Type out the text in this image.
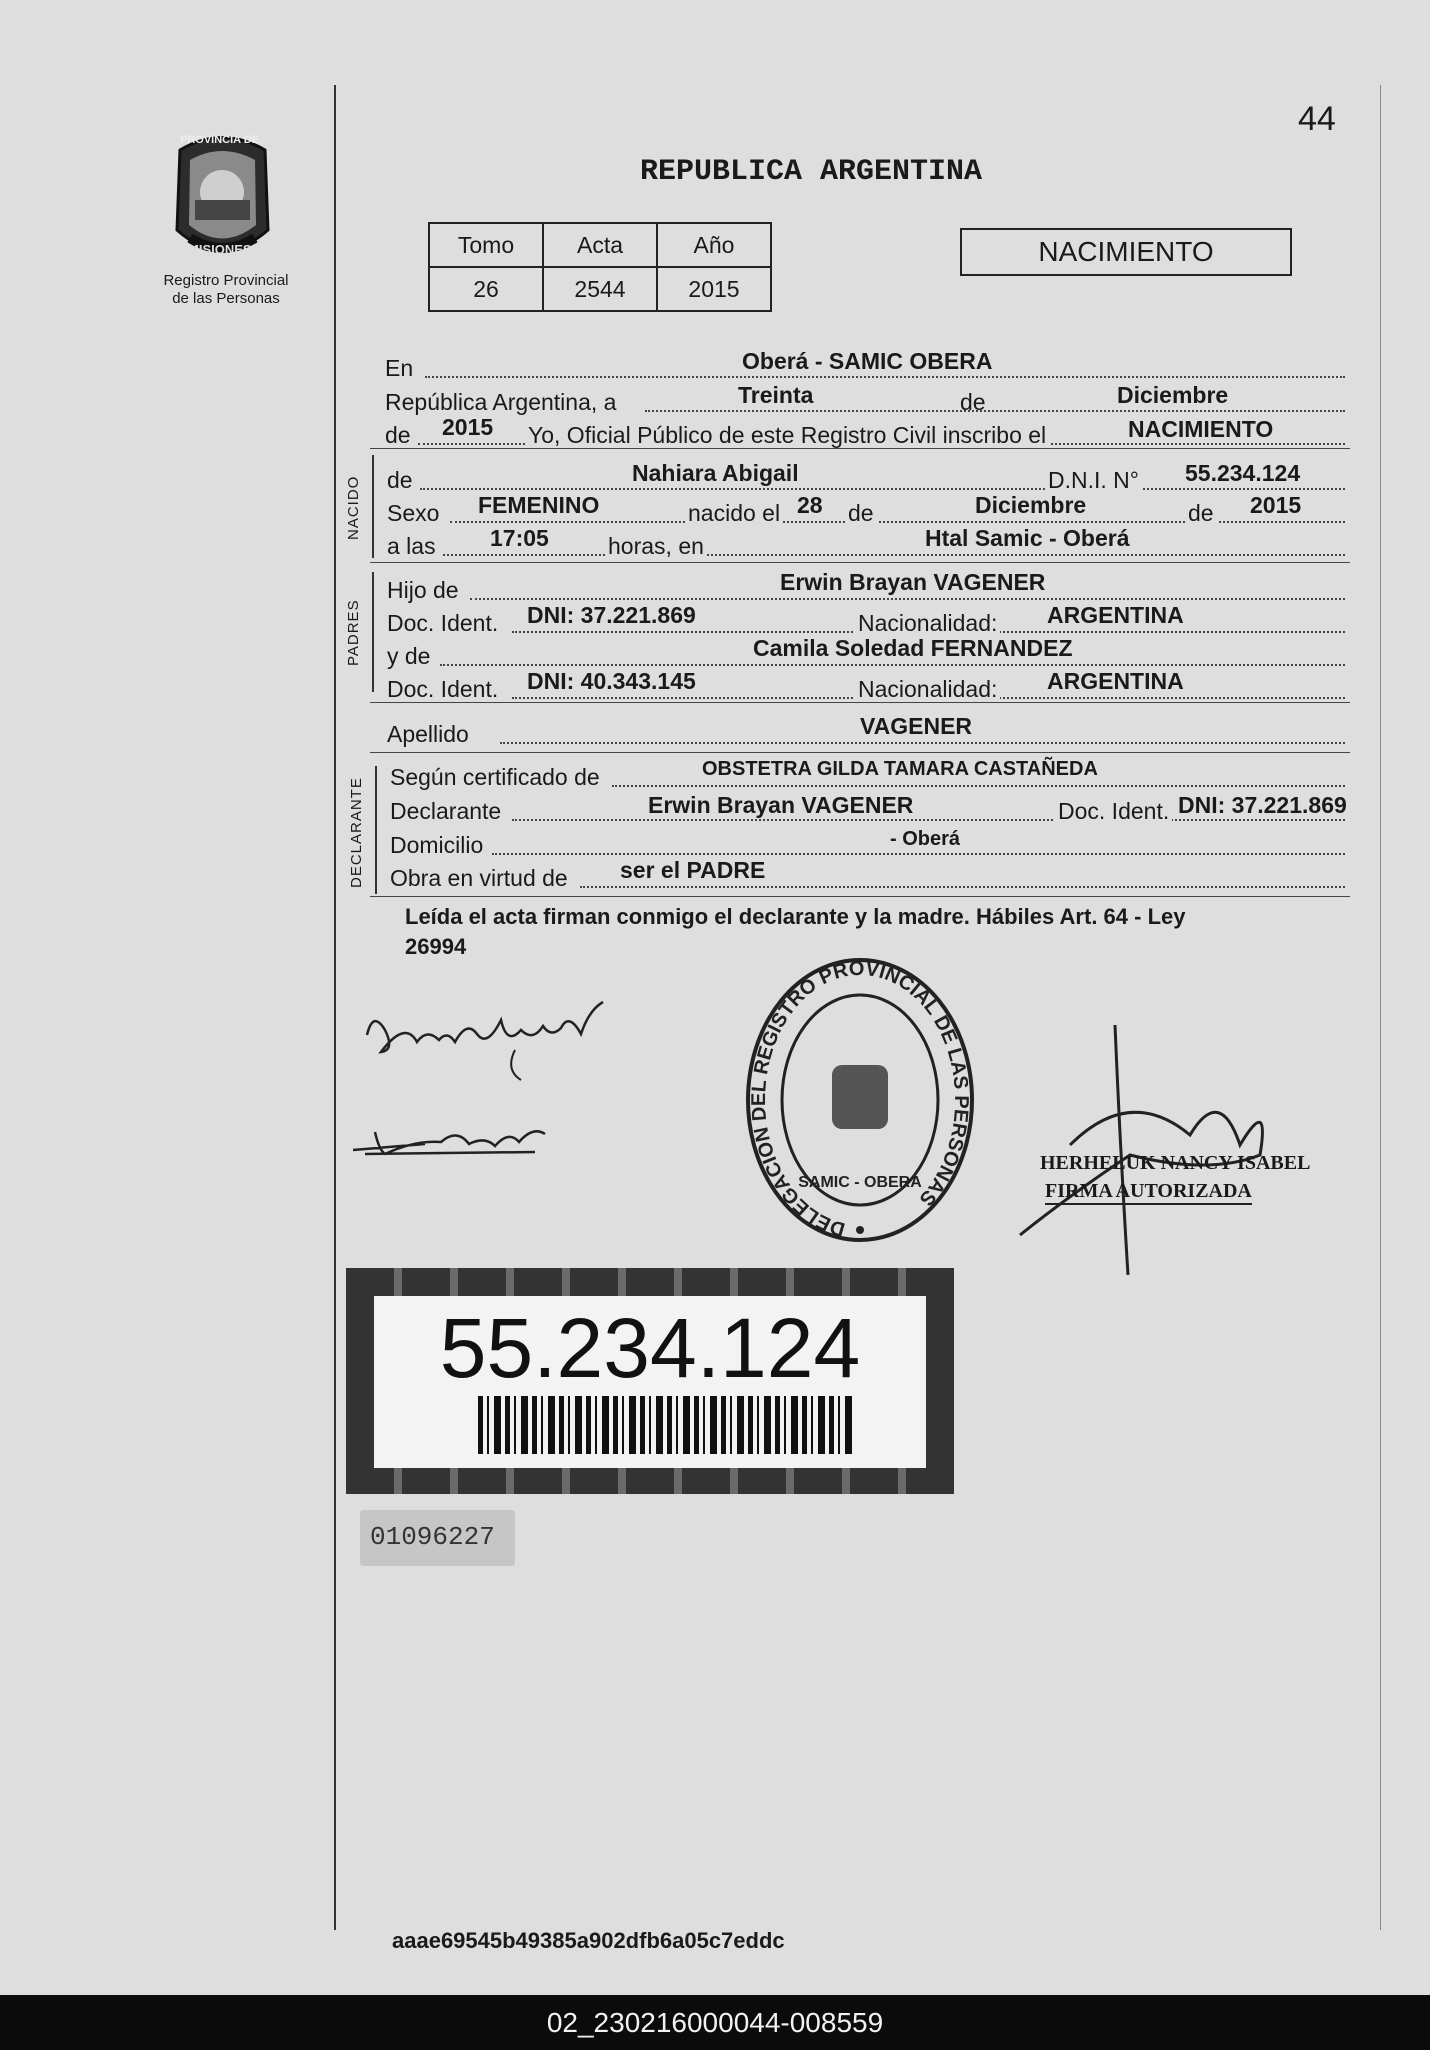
44
PROVINCIA DE
MISIONES
Registro Provincial
de las Personas
REPUBLICA ARGENTINA
Tomo	Acta	Año
26	2544	2015
NACIMIENTO
En	Oberá - SAMIC OBERA
República Argentina, a	Treinta	de	Diciembre
de 2015 Yo, Oficial Público de este Registro Civil inscribo el	NACIMIENTO
NACIDO de	Nahiara Abigail	D.N.I. N° 55.234.124
Sexo FEMENINO	nacido el 28 de	Diciembre	de 2015
a las 17:05	horas, en	Htal Samic - Oberá
PADRES
Hijo de	Erwin Brayan VAGENER
Doc. Ident. DNI: 37.221.869	Nacionalidad: ARGENTINA
y de	Camila Soledad FERNANDEZ
Doc. Ident. DNI: 40.343.145	Nacionalidad: ARGENTINA
Apellido	VAGENER
DECLARANTE
Según certificado de	OBSTETRA GILDA TAMARA CASTAÑEDA
Declarante	Erwin Brayan VAGENER	Doc. Ident. DNI: 37.221.869
Domicilio	- Oberá
Obra en virtud de ser el PADRE
Leída el acta firman conmigo el declarante y la madre. Hábiles Art. 64 - Ley
26994
DELEGACIÓN DEL REGISTRO PROVINCIAL DE LAS PERSONAS
SAMIC - OBERA
HERHELUK NANCY ISABEL
FIRMA AUTORIZADA
55.234.124
01096227
aaae69545b49385a902dfb6a05c7eddc
02_230216000044-008559
